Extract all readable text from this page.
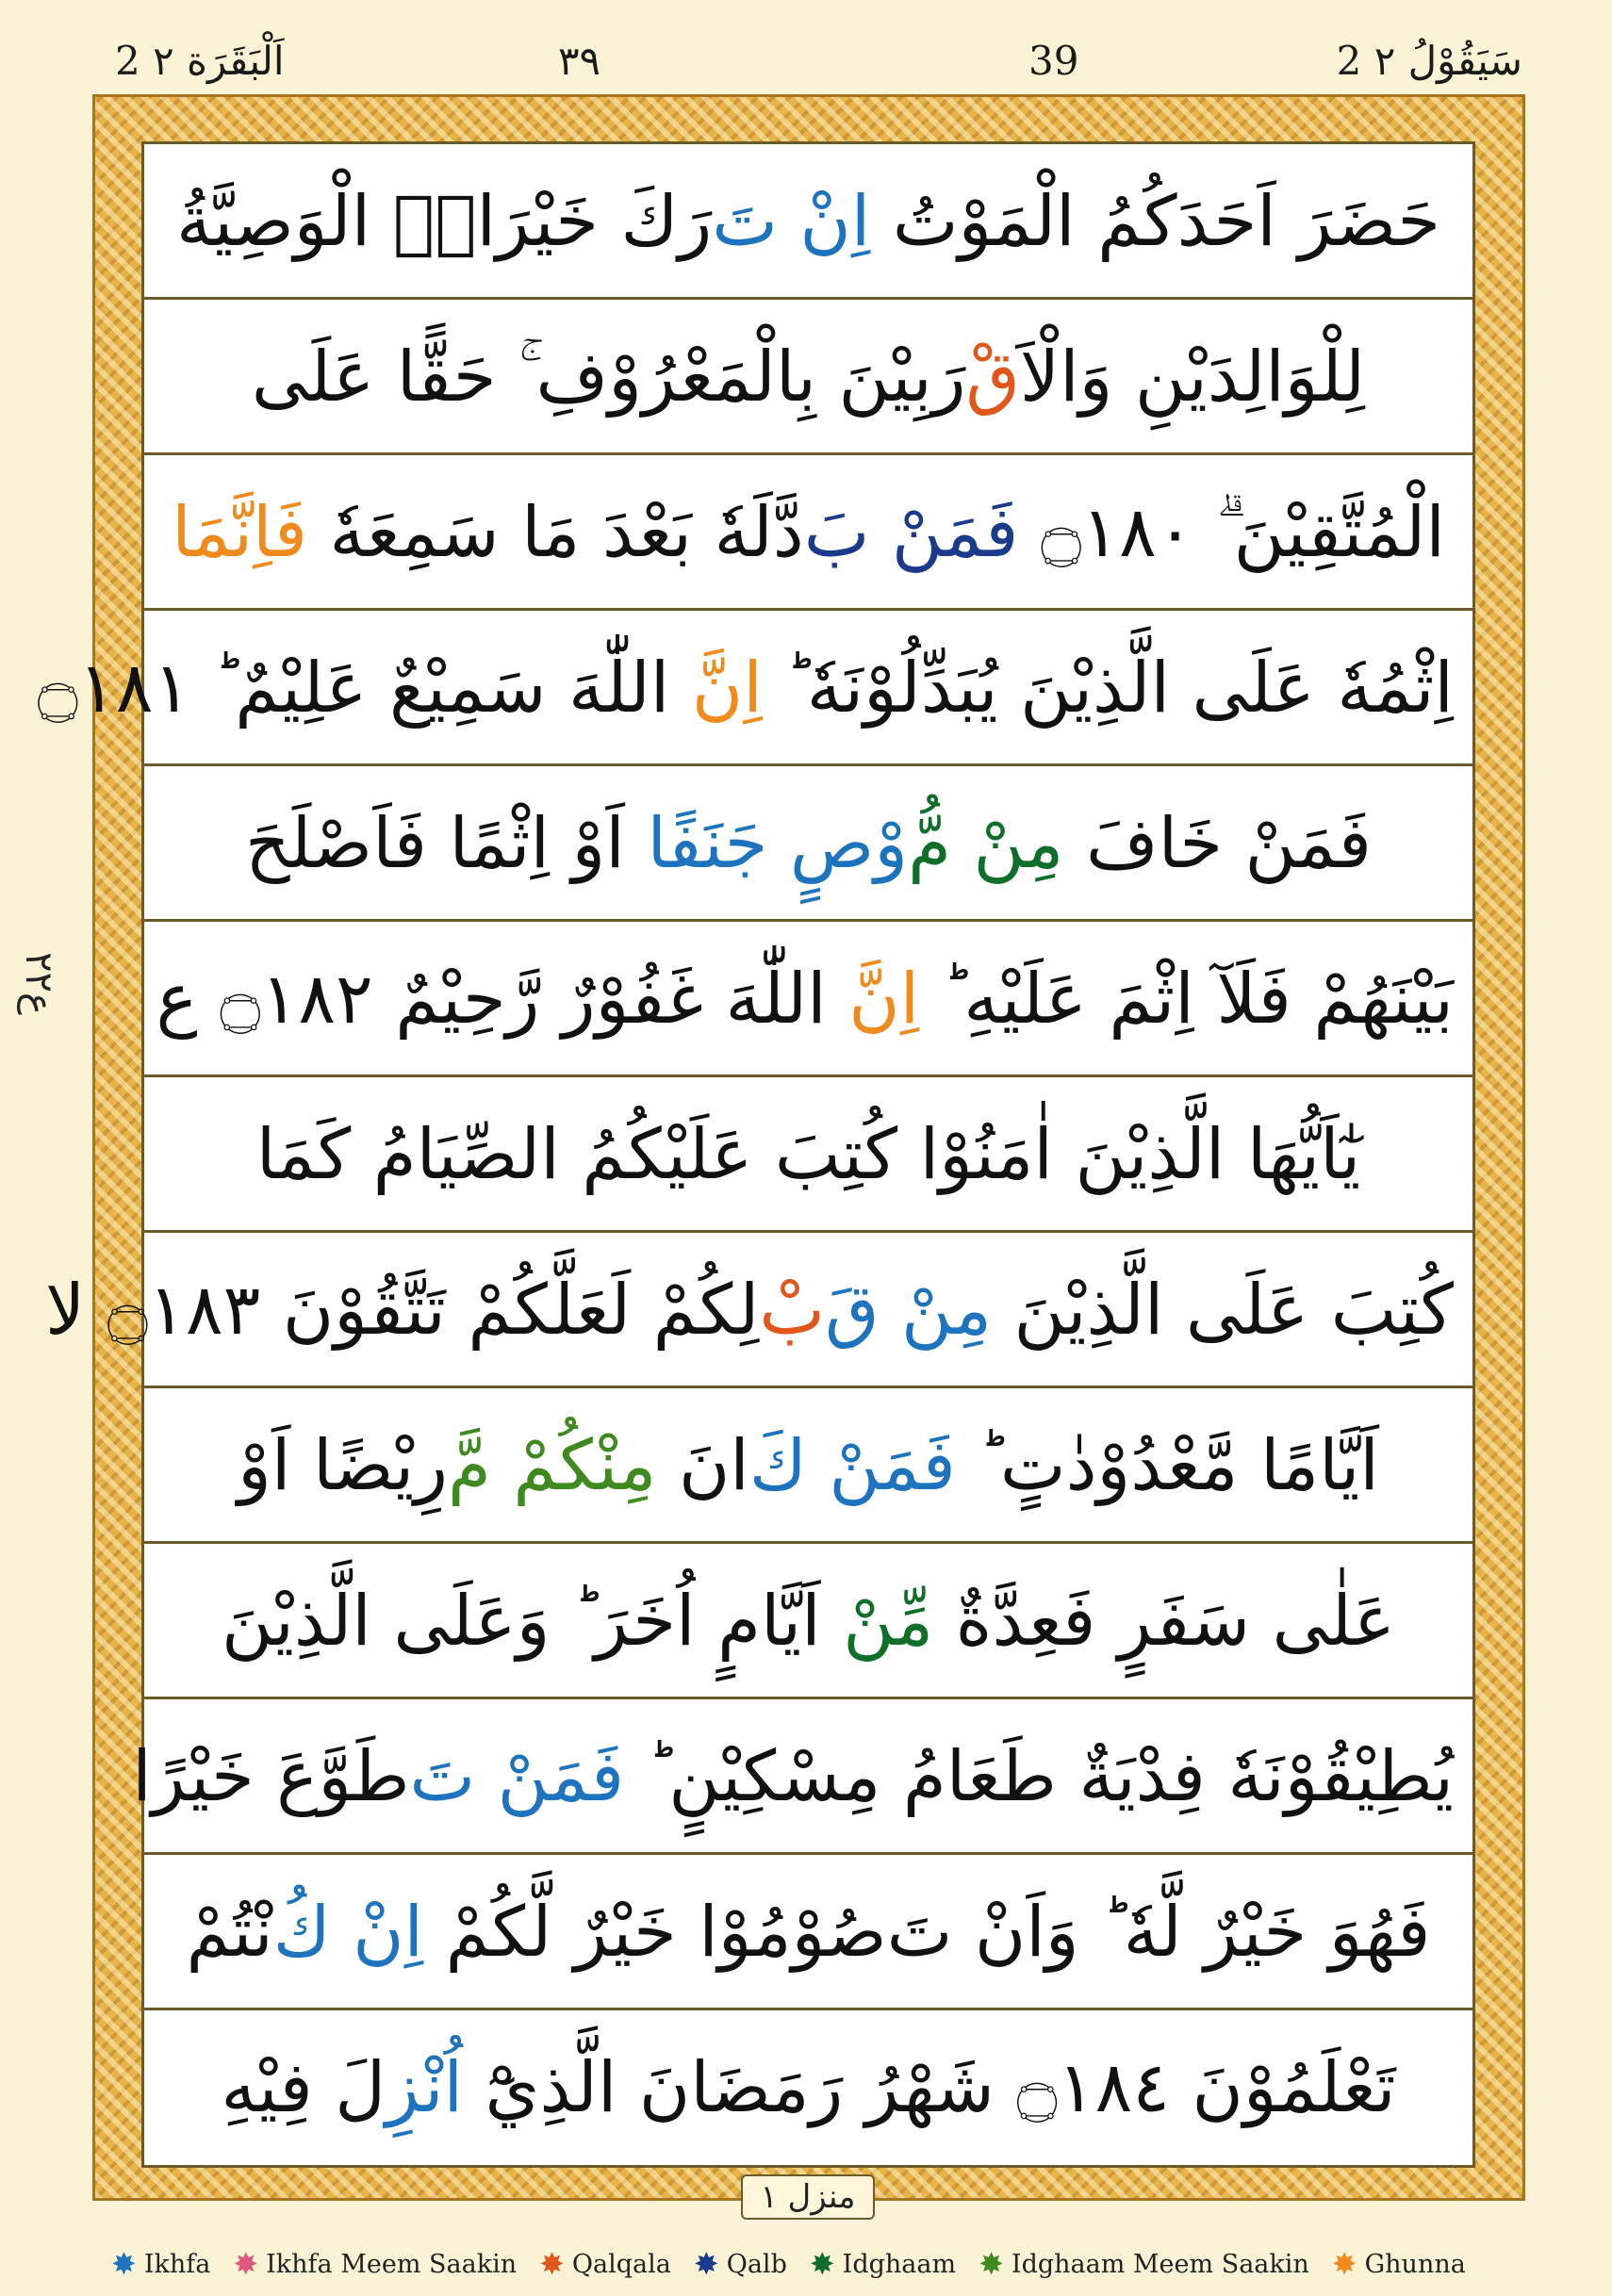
2 اَلْبَقَرَة ٢	٣٩	39	2 سَيَقُوْلُ ٢
حَضَرَ اَحَدَكُمُ الْمَوْتُ اِنْ تَرَكَ خَيْرَاۨۚ الْوَصِيَّةُ
لِلْوَالِدَيْنِ وَالْاَقْرَبِيْنَ بِالْمَعْرُوْفِ ۚ حَقًّا عَلَى
الْمُتَّقِيْنَ ۗ ۝١٨٠ فَمَنْ بَدَّلَهٗ بَعْدَ مَا سَمِعَهٗ فَاِنَّمَا
اِثْمُهٗ عَلَى الَّذِيْنَ يُبَدِّلُوْنَهٗ ؕ اِنَّ اللّٰهَ سَمِيْعٌ عَلِيْمٌ ؕ ۝١٨١
فَمَنْ خَافَ مِنْ مُّوْصٍ جَنَفًا اَوْ اِثْمًا فَاَصْلَحَ
بَيْنَهُمْ فَلَآ اِثْمَ عَلَيْهِ ؕ اِنَّ اللّٰهَ غَفُوْرٌ رَّحِيْمٌ ۝١٨٢ ع
يٰٓاَيُّهَا الَّذِيْنَ اٰمَنُوْا كُتِبَ عَلَيْكُمُ الصِّيَامُ كَمَا
كُتِبَ عَلَى الَّذِيْنَ مِنْ قَبْلِكُمْ لَعَلَّكُمْ تَتَّقُوْنَ ۝١٨٣ لا
اَيَّامًا مَّعْدُوْدٰتٍ ؕ فَمَنْ كَانَ مِنْكُمْ مَّرِيْضًا اَوْ
عَلٰى سَفَرٍ فَعِدَّةٌ مِّنْ اَيَّامٍ اُخَرَ ؕ وَعَلَى الَّذِيْنَ
يُطِيْقُوْنَهٗ فِدْيَةٌ طَعَامُ مِسْكِيْنٍ ؕ فَمَنْ تَطَوَّعَ خَيْرًا
فَهُوَ خَيْرٌ لَّهٗ ؕ وَاَنْ تَصُوْمُوْا خَيْرٌ لَّكُمْ اِنْ كُنْتُمْ
تَعْلَمُوْنَ ۝١٨٤ شَهْرُ رَمَضَانَ الَّذِيْٓ اُنْزِلَ فِيْهِ
ع٢٢
منزل ١
✸ Ikhfa ✸ Ikhfa Meem Saakin ✸ Qalqala ✸ Qalb ✸ Idghaam ✸ Idghaam Meem Saakin ✸ Ghunna
